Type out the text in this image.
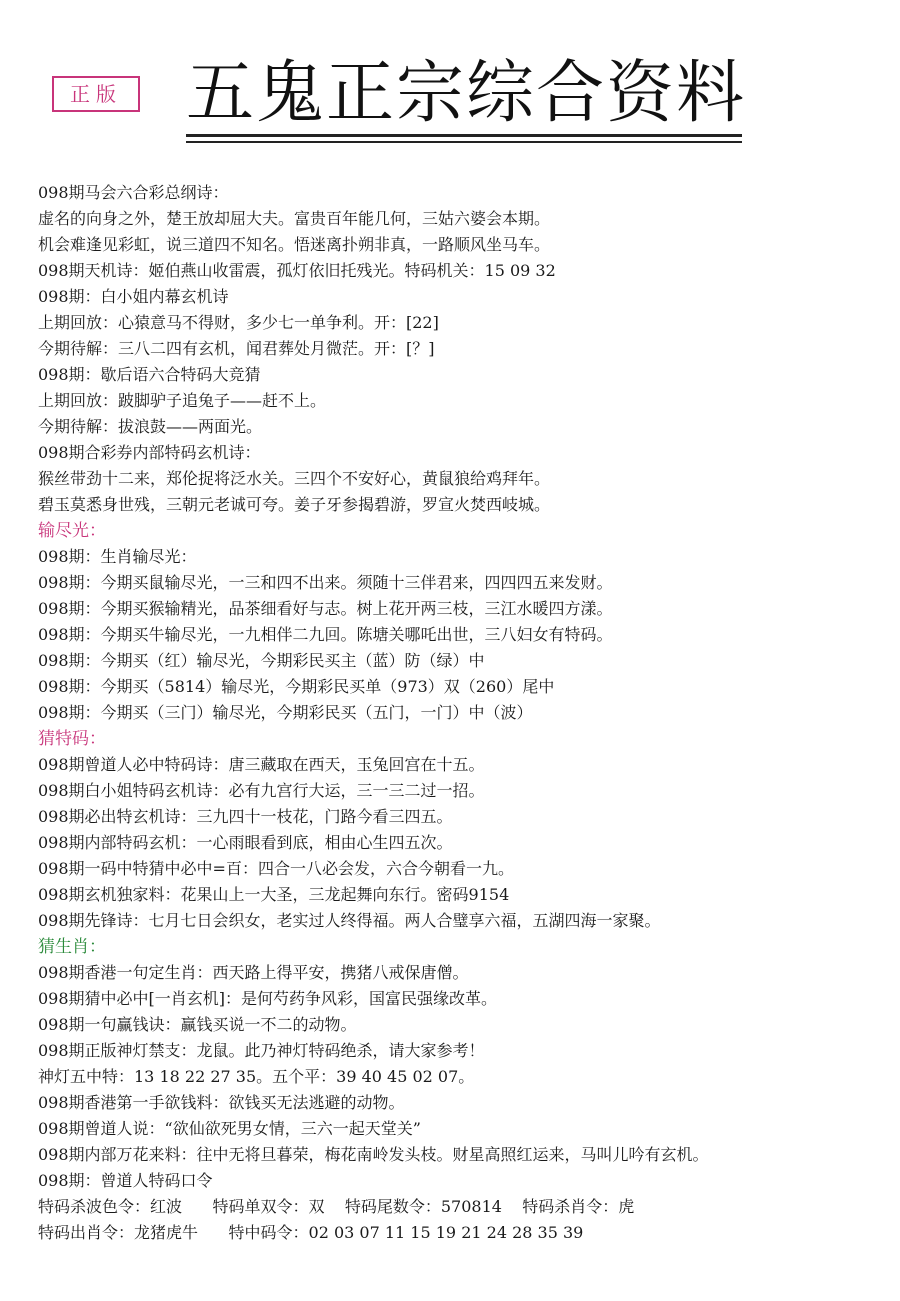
正版 五鬼正宗综合资料
098期马会六合彩总纲诗：
虚名的向身之外，楚王放却屈大夫。富贵百年能几何，三姑六婆会本期。
机会难逢见彩虹，说三道四不知名。悟迷离扑朔非真，一路顺风坐马车。
098期天机诗：姬伯燕山收雷震，孤灯依旧托残光。特码机关：15 09 32
098期：白小姐内幕玄机诗
上期回放：心猿意马不得财，多少七一单争利。开：[22]
今期待解：三八二四有玄机，闻君葬处月微茫。开：[？]
098期：歇后语六合特码大竞猜
上期回放：跛脚驴子追兔子——赶不上。
今期待解：拔浪鼓——两面光。
098期合彩券内部特码玄机诗：
猴丝带劲十二来，郑伦捉将泛水关。三四个不安好心，黄鼠狼给鸡拜年。
碧玉莫悉身世残，三朝元老诚可夸。姜子牙参揭碧游，罗宣火焚西岐城。
输尽光：
098期：生肖输尽光：
098期：今期买鼠输尽光，一三和四不出来。须随十三伴君来，四四四五来发财。
098期：今期买猴输精光，品茶细看好与志。树上花开两三枝，三江水暖四方漾。
098期：今期买牛输尽光，一九相伴二九回。陈塘关哪吒出世，三八妇女有特码。
098期：今期买（红）输尽光，今期彩民买主（蓝）防（绿）中
098期：今期买（5814）输尽光，今期彩民买单（973）双（260）尾中
098期：今期买（三门）输尽光，今期彩民买（五门，一门）中（波）
猜特码：
098期曾道人必中特码诗：唐三藏取在西天，玉兔回宫在十五。
098期白小姐特码玄机诗：必有九宫行大运，三一三二过一招。
098期必出特玄机诗：三九四十一枝花，门路今看三四五。
098期内部特码玄机：一心雨眼看到底，相由心生四五次。
098期一码中特猜中必中=百：四合一八必会发，六合今朝看一九。
098期玄机独家料：花果山上一大圣，三龙起舞向东行。密码9154
098期先锋诗：七月七日会织女，老实过人终得福。两人合璧享六福，五湖四海一家聚。
猜生肖：
098期香港一句定生肖：西天路上得平安，携猪八戒保唐僧。
098期猜中必中[一肖玄机]：是何芍药争风彩，国富民强缘改革。
098期一句赢钱诀：赢钱买说一不二的动物。
098期正版神灯禁支：龙鼠。此乃神灯特码绝杀，请大家参考！
神灯五中特：13 18 22 27 35。五个平：39 40 45 02 07。
098期香港第一手欲钱料：欲钱买无法逃避的动物。
098期曾道人说：“欲仙欲死男女情，三六一起天堂关”
098期内部万花来料：往中无将旦暮荣，梅花南岭发头枝。财星高照红运来，马叫儿吟有玄机。
098期：曾道人特码口令
特码杀波色令：红波      特码单双令：双    特码尾数令：570814    特码杀肖令：虎
特码出肖令：龙猪虎牛      特中码令：02 03 07 11 15 19 21 24 28 35 39
